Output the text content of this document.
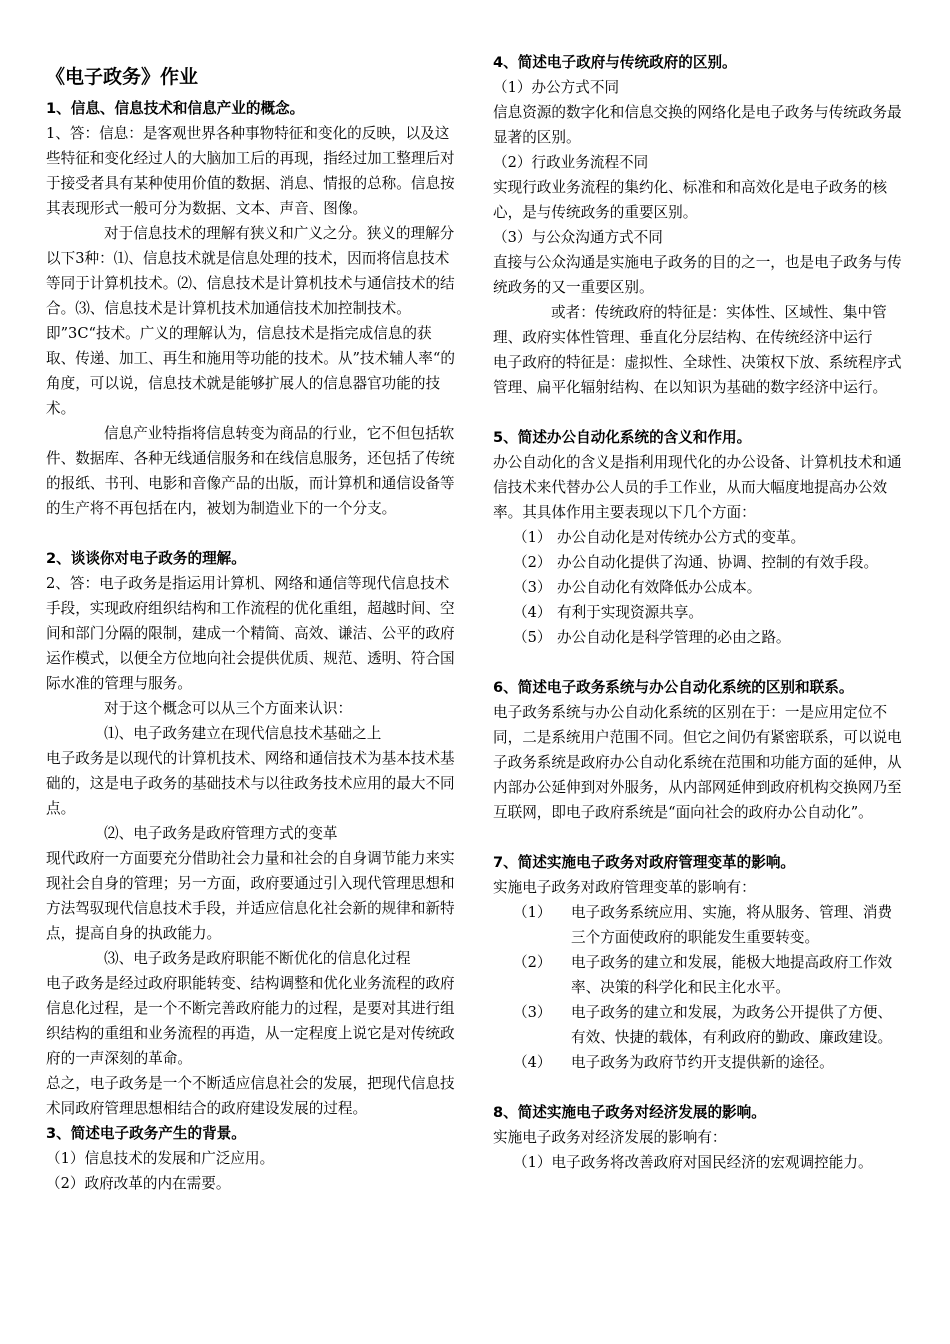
《电子政务》作业
1、信息、信息技术和信息产业的概念。

1、答：信息：是客观世界各种事物特征和变化的反映，以及这些特征和变化经过人的大脑加工后的再现，指经过加工整理后对于接受者具有某种使用价值的数据、消息、情报的总称。信息按其表现形式一般可分为数据、文本、声音、图像。

对于信息技术的理解有狭义和广义之分。狭义的理解分以下3种：⑴、信息技术就是信息处理的技术，因而将信息技术等同于计算机技术。⑵、信息技术是计算机技术与通信技术的结合。⑶、信息技术是计算机技术加通信技术加控制技术。即”3C“技术。广义的理解认为，信息技术是指完成信息的获取、传递、加工、再生和施用等功能的技术。从”技术辅人率“的角度，可以说，信息技术就是能够扩展人的信息器官功能的技术。

信息产业特指将信息转变为商品的行业，它不但包括软件、数据库、各种无线通信服务和在线信息服务，还包括了传统的报纸、书刊、电影和音像产品的出版，而计算机和通信设备等的生产将不再包括在内，被划为制造业下的一个分支。

2、谈谈你对电子政务的理解。

2、答：电子政务是指运用计算机、网络和通信等现代信息技术手段，实现政府组织结构和工作流程的优化重组，超越时间、空间和部门分隔的限制，建成一个精简、高效、谦洁、公平的政府运作模式，以便全方位地向社会提供优质、规范、透明、符合国际水准的管理与服务。

对于这个概念可以从三个方面来认识：

⑴、电子政务建立在现代信息技术基础之上

电子政务是以现代的计算机技术、网络和通信技术为基本技术基础的，这是电子政务的基础技术与以往政务技术应用的最大不同点。

⑵、电子政务是政府管理方式的变革

现代政府一方面要充分借助社会力量和社会的自身调节能力来实现社会自身的管理；另一方面，政府要通过引入现代管理思想和方法驾驭现代信息技术手段，并适应信息化社会新的规律和新特点，提高自身的执政能力。

⑶、电子政务是政府职能不断优化的信息化过程

电子政务是经过政府职能转变、结构调整和优化业务流程的政府信息化过程，是一个不断完善政府能力的过程，是要对其进行组织结构的重组和业务流程的再造，从一定程度上说它是对传统政府的一声深刻的革命。

总之，电子政务是一个不断适应信息社会的发展，把现代信息技术同政府管理思想相结合的政府建设发展的过程。

3、简述电子政务产生的背景。

（1）信息技术的发展和广泛应用。

（2）政府改革的内在需要。

4、简述电子政府与传统政府的区别。

（1）办公方式不同

信息资源的数字化和信息交换的网络化是电子政务与传统政务最显著的区别。

（2）行政业务流程不同

实现行政业务流程的集约化、标准和和高效化是电子政务的核心，是与传统政务的重要区别。

（3）与公众沟通方式不同

直接与公众沟通是实施电子政务的目的之一，也是电子政务与传统政务的又一重要区别。

或者：传统政府的特征是：实体性、区域性、集中管理、政府实体性管理、垂直化分层结构、在传统经济中运行

电子政府的特征是：虚拟性、全球性、决策权下放、系统程序式管理、扁平化辐射结构、在以知识为基础的数字经济中运行。

5、简述办公自动化系统的含义和作用。

办公自动化的含义是指利用现代化的办公设备、计算机技术和通信技术来代替办公人员的手工作业，从而大幅度地提高办公效率。其具体作用主要表现以下几个方面：

（1） 办公自动化是对传统办公方式的变革。
（2） 办公自动化提供了沟通、协调、控制的有效手段。
（3） 办公自动化有效降低办公成本。
（4） 有利于实现资源共享。
（5） 办公自动化是科学管理的必由之路。
6、简述电子政务系统与办公自动化系统的区别和联系。

电子政务系统与办公自动化系统的区别在于：一是应用定位不同，二是系统用户范围不同。但它之间仍有紧密联系，可以说电子政务系统是政府办公自动化系统在范围和功能方面的延伸，从内部办公延伸到对外服务，从内部网延伸到政府机构交换网乃至互联网，即电子政府系统是“面向社会的政府办公自动化”。

7、简述实施电子政务对政府管理变革的影响。

实施电子政务对政府管理变革的影响有：

（1）	电子政务系统应用、实施，将从服务、管理、消费三个方面使政府的职能发生重要转变。
（2）	电子政务的建立和发展，能极大地提高政府工作效率、决策的科学化和民主化水平。
（3）	电子政务的建立和发展，为政务公开提供了方便、有效、快捷的载体，有利政府的勤政、廉政建设。
（4）	电子政务为政府节约开支提供新的途径。
8、简述实施电子政务对经济发展的影响。

实施电子政务对经济发展的影响有：

（1）电子政务将改善政府对国民经济的宏观调控能力。
